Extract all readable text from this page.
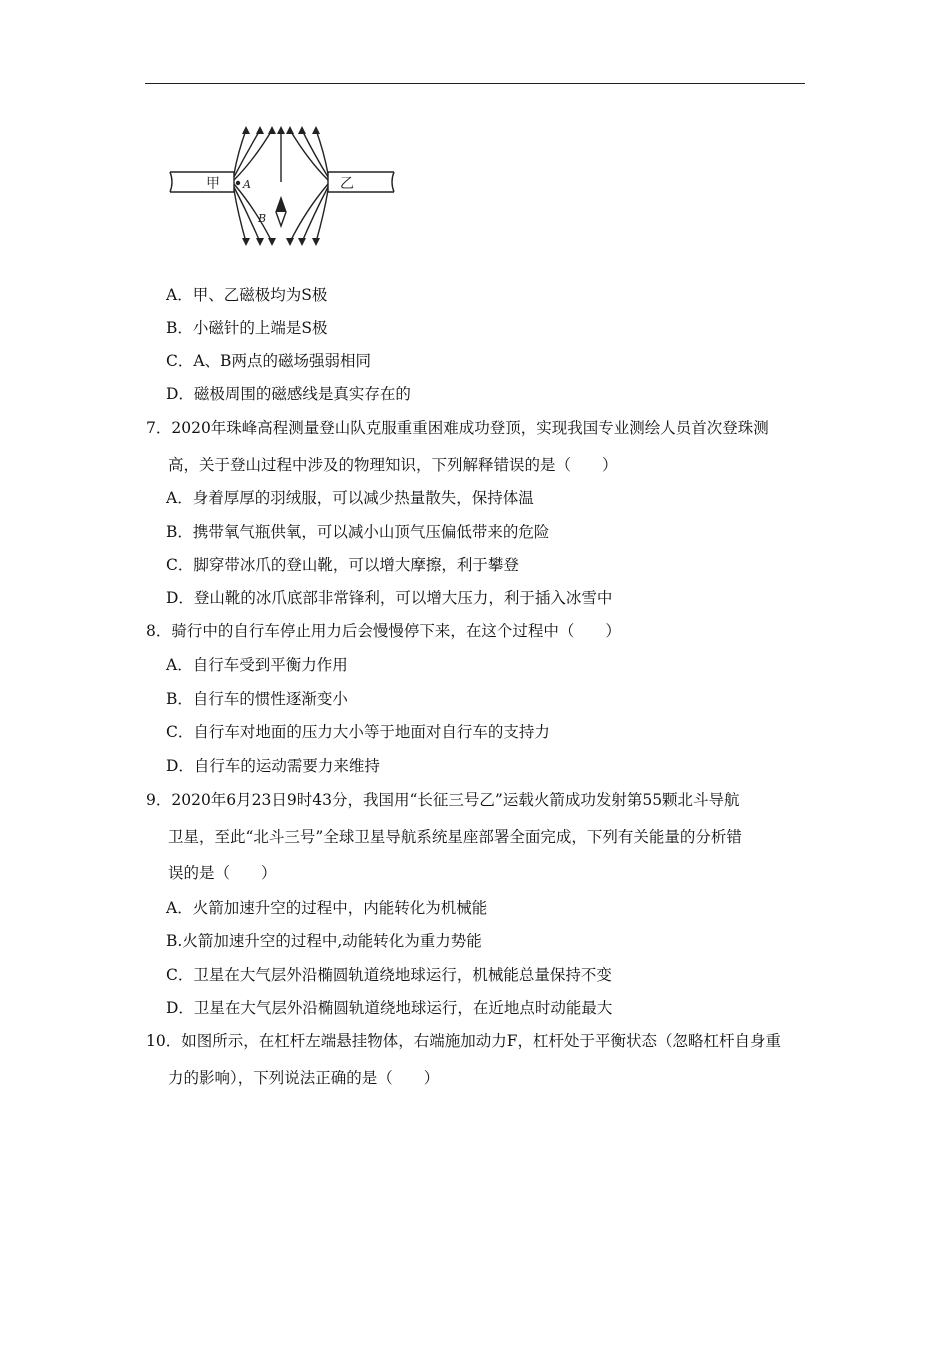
甲	乙
A
B
A．甲、乙磁极均为S极
B．小磁针的上端是S极
C．A、B两点的磁场强弱相同
D．磁极周围的磁感线是真实存在的
7．2020年珠峰高程测量登山队克服重重困难成功登顶，实现我国专业测绘人员首次登珠测
高，关于登山过程中涉及的物理知识，下列解释错误的是（　　）
A．身着厚厚的羽绒服，可以减少热量散失，保持体温
B．携带氧气瓶供氧，可以减小山顶气压偏低带来的危险
C．脚穿带冰爪的登山靴，可以增大摩擦，利于攀登
D．登山靴的冰爪底部非常锋利，可以增大压力，利于插入冰雪中
8．骑行中的自行车停止用力后会慢慢停下来，在这个过程中（　　）
A．自行车受到平衡力作用
B．自行车的惯性逐渐变小
C．自行车对地面的压力大小等于地面对自行车的支持力
D．自行车的运动需要力来维持
9．2020年6月23日9时43分，我国用“长征三号乙”运载火箭成功发射第55颗北斗导航
卫星，至此“北斗三号”全球卫星导航系统星座部署全面完成，下列有关能量的分析错
误的是（　　）
A．火箭加速升空的过程中，内能转化为机械能
B.火箭加速升空的过程中,动能转化为重力势能
C．卫星在大气层外沿椭圆轨道绕地球运行，机械能总量保持不变
D．卫星在大气层外沿椭圆轨道绕地球运行，在近地点时动能最大
10．如图所示，在杠杆左端悬挂物体，右端施加动力F，杠杆处于平衡状态（忽略杠杆自身重
力的影响），下列说法正确的是（　　）
